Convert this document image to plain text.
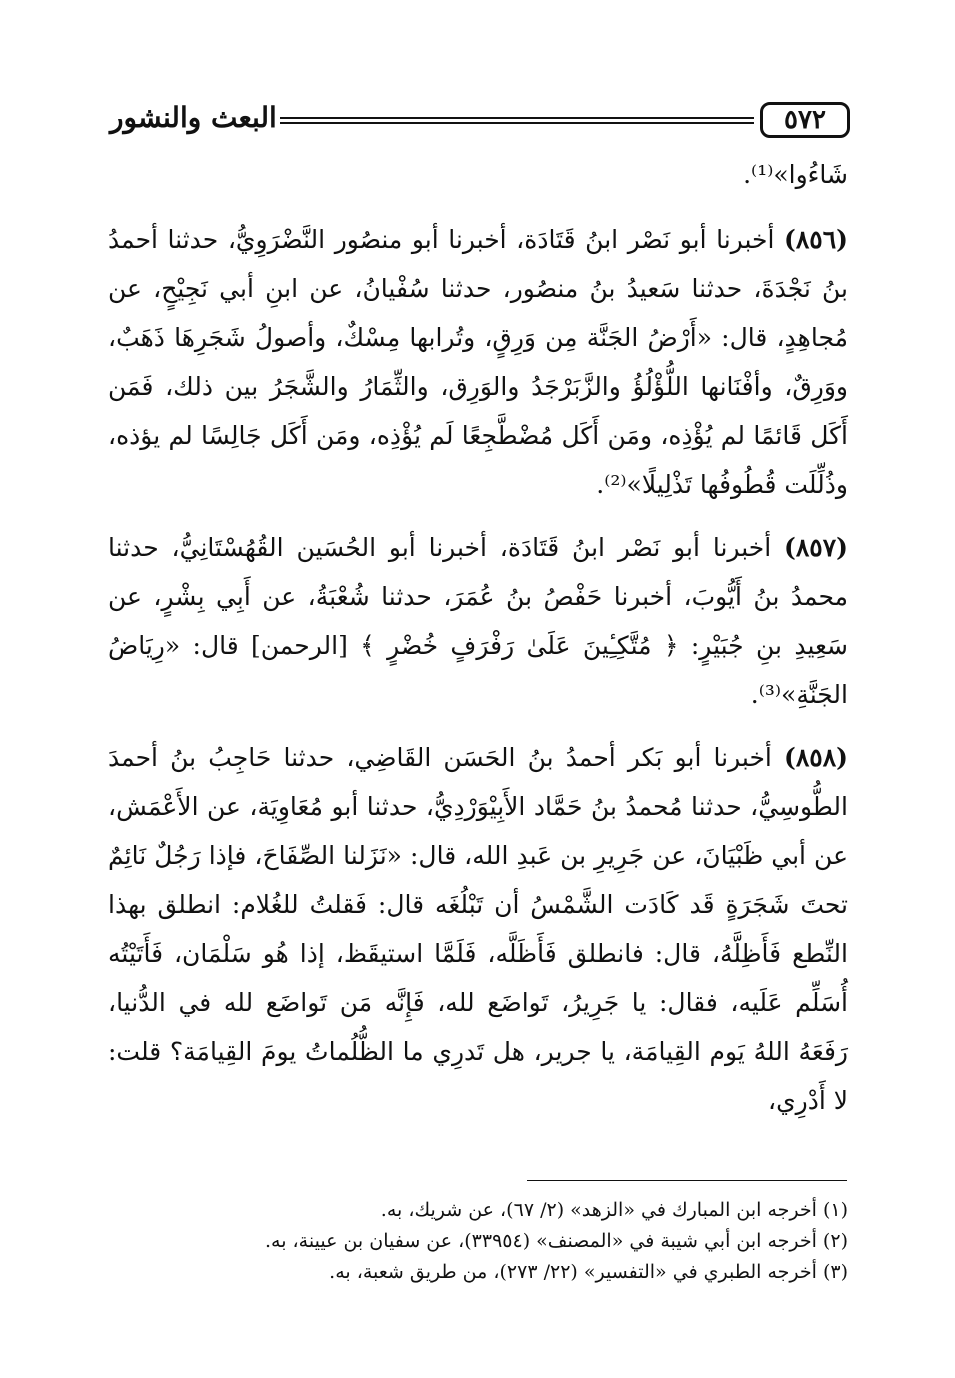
٥٧٢
البعث والنشور

شَاءُوا»⁽¹⁾.

(٨٥٦) أخبرنا أبو نَصْر ابنُ قَتَادَة، أخبرنا أبو منصُور النَّضْرَوِيُّ، حدثنا أحمدُ بنُ نَجْدَةَ، حدثنا سَعيدُ بنُ منصُور، حدثنا سُفْيانُ، عن ابنِ أبي نَجِيْحٍ، عن مُجاهِدٍ، قال: «أَرْضُ الجَنَّة مِن وَرِقٍ، وتُرابها مِسْكٌ، وأصولُ شَجَرِهَا ذَهَبٌ، ووَرِقٌ، وأفْنَانها اللُّؤْلُؤُ والزَّبَرْجَدُ والوَرِق، والثِّمَارُ والشَّجَرُ بين ذلك، فَمَن أَكَل قَائمًا لم يُؤْذِه، ومَن أَكَل مُضْطَّجِعًا لَم يُؤْذِه، ومَن أَكَل جَالِسًا لم يؤذه، وذُلِّلَت قُطُوفُها تَذْلِيلًا»⁽²⁾.

(٨٥٧) أخبرنا أبو نَصْر ابنُ قَتَادَة، أخبرنا أبو الحُسَين القُهُسْتَانِيُّ، حدثنا محمدُ بنُ أَيُّوبَ، أخبرنا حَفْصُ بنُ عُمَرَ، حدثنا شُعْبَةُ، عن أَبِي بِشْرٍ، عن سَعِيدِ بنِ جُبَيْرٍ: ﴿ مُتَّكِـِٔينَ عَلَىٰ رَفْرَفٍ خُضْرٍ ﴾ [الرحمن] قال: «رِيَاضُ الجَنَّةِ»⁽³⁾.

(٨٥٨) أخبرنا أبو بَكر أحمدُ بنُ الحَسَن القَاضِي، حدثنا حَاجِبُ بنُ أحمدَ الطُّوسِيُّ، حدثنا مُحمدُ بنُ حَمَّاد الأَبِيْوَرْدِيُّ، حدثنا أبو مُعَاوِيَة، عن الأَعْمَش، عن أبي ظَبْيَانَ، عن جَرِيرِ بن عَبدِ الله، قال: «نَزَلنا الصِّفَاحَ، فإذا رَجُلٌ نَائِمٌ تحتَ شَجَرَةٍ قَد كَادَت الشَّمْسُ أن تَبْلُغَه قال: فَقلتُ للغُلام: انطلق بهذا النِّطع فَأَظِلَّهُ، قال: فانطلق فَأَظَلَّه، فَلَمَّا استيقَظ، إذا هُو سَلْمَان، فَأَتَيْتُه أُسَلِّم عَلَيه، فقال: يا جَرِيرُ، تَواضَع لله، فَإِنَّه مَن تَواضَع لله في الدُّنيا، رَفَعَهُ اللهُ يَوم القِيامَة، يا جرير، هل تَدرِي ما الظُّلُماتُ يومَ القِيامَة؟ قلت: لا أَدْرِي،

(١) أخرجه ابن المبارك في «الزهد» (٢/ ٦٧)، عن شريك، به.
(٢) أخرجه ابن أبي شيبة في «المصنف» (٣٣٩٥٤)، عن سفيان بن عيينة، به.
(٣) أخرجه الطبري في «التفسير» (٢٢/ ٢٧٣)، من طريق شعبة، به.
